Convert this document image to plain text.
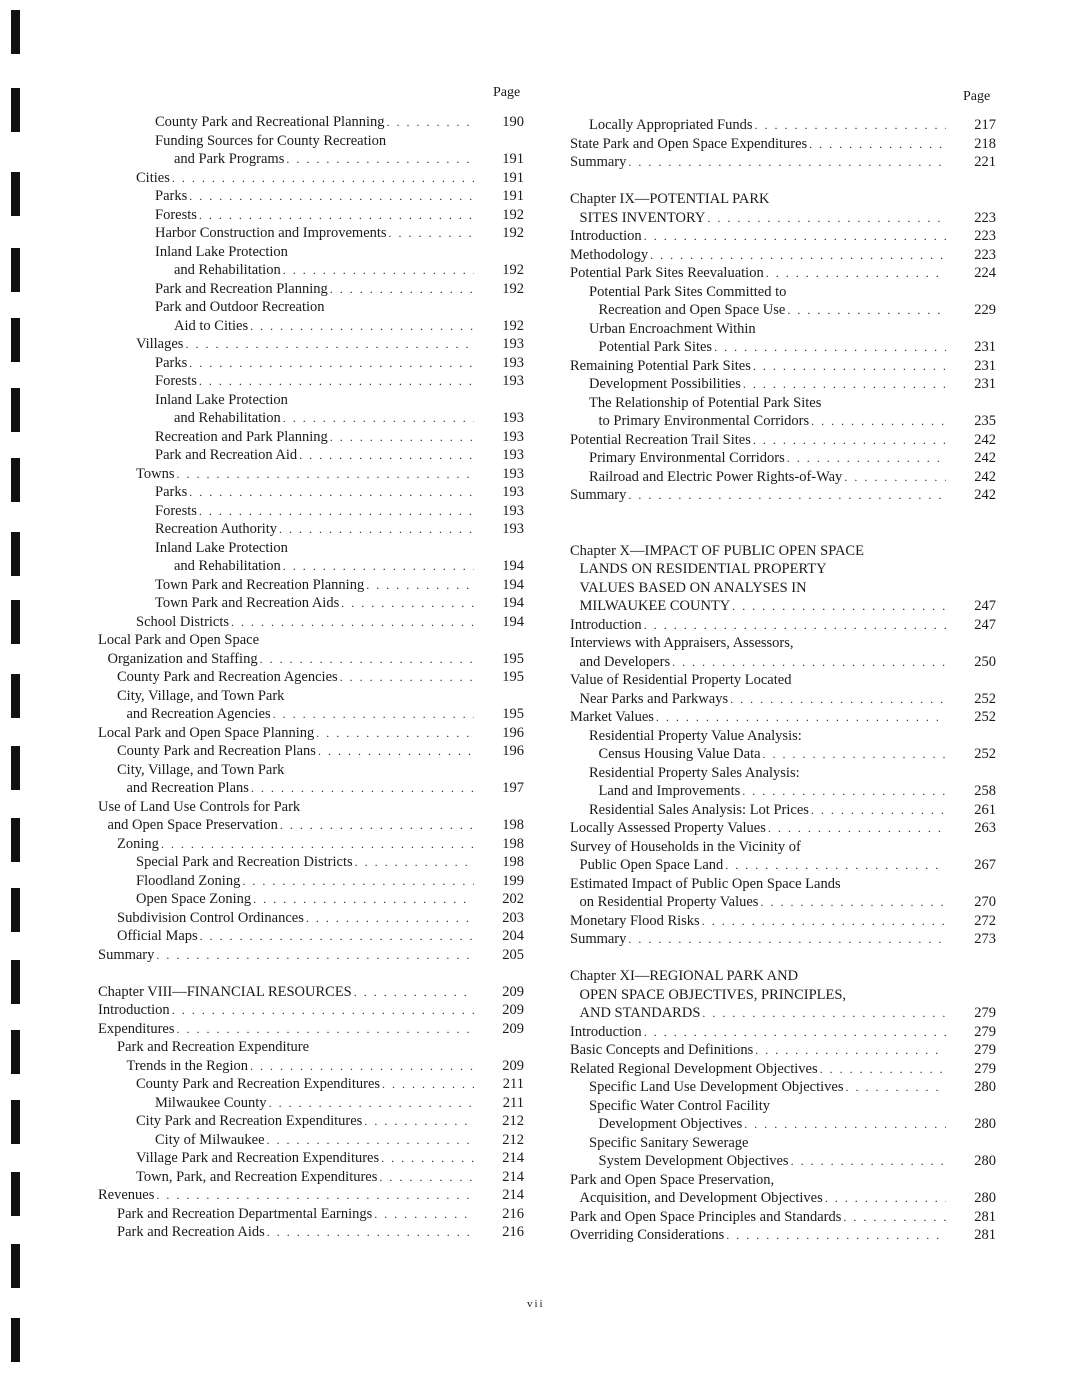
Page
County Park and Recreational Planning . . .	190
Funding Sources for County Recreation
and Park Programs . . .	191
Cities . . .	191
Parks . . .	191
Forests . . .	192
Harbor Construction and Improvements . . .	192
Inland Lake Protection
and Rehabilitation . . .	192
Park and Recreation Planning . . .	192
Park and Outdoor Recreation
Aid to Cities . . .	192
Villages . . .	193
Parks . . .	193
Forests . . .	193
Inland Lake Protection
and Rehabilitation . . .	193
Recreation and Park Planning . . .	193
Park and Recreation Aid . . .	193
Towns . . .	193
Parks . . .	193
Forests . . .	193
Recreation Authority . . .	193
Inland Lake Protection
and Rehabilitation . . .	194
Town Park and Recreation Planning . . .	194
Town Park and Recreation Aids . . .	194
School Districts . . .	194
Local Park and Open Space
Organization and Staffing . . .	195
County Park and Recreation Agencies . . .	195
City, Village, and Town Park
and Recreation Agencies . . .	195
Local Park and Open Space Planning . . .	196
County Park and Recreation Plans . . .	196
City, Village, and Town Park
and Recreation Plans . . .	197
Use of Land Use Controls for Park
and Open Space Preservation . . .	198
Zoning . . .	198
Special Park and Recreation Districts . . .	198
Floodland Zoning . . .	199
Open Space Zoning . . .	202
Subdivision Control Ordinances . . .	203
Official Maps . . .	204
Summary . . .	205
Chapter VIII—FINANCIAL RESOURCES . . .	209
Introduction . . .	209
Expenditures . . .	209
Park and Recreation Expenditure
Trends in the Region . . .	209
County Park and Recreation Expenditures . . .	211
Milwaukee County . . .	211
City Park and Recreation Expenditures . . .	212
City of Milwaukee . . .	212
Village Park and Recreation Expenditures . . .	214
Town, Park, and Recreation Expenditures . . .	214
Revenues . . .	214
Park and Recreation Departmental Earnings . . .	216
Park and Recreation Aids . . .	216
Page
Locally Appropriated Funds . . .	217
State Park and Open Space Expenditures . . .	218
Summary . . .	221
Chapter IX—POTENTIAL PARK
SITES INVENTORY . . .	223
Introduction . . .	223
Methodology . . .	223
Potential Park Sites Reevaluation . . .	224
Potential Park Sites Committed to
Recreation and Open Space Use . . .	229
Urban Encroachment Within
Potential Park Sites . . .	231
Remaining Potential Park Sites . . .	231
Development Possibilities . . .	231
The Relationship of Potential Park Sites
to Primary Environmental Corridors . . .	235
Potential Recreation Trail Sites . . .	242
Primary Environmental Corridors . . .	242
Railroad and Electric Power Rights-of-Way . . .	242
Summary . . .	242
Chapter X—IMPACT OF PUBLIC OPEN SPACE
LANDS ON RESIDENTIAL PROPERTY
VALUES BASED ON ANALYSES IN
MILWAUKEE COUNTY . . .	247
Introduction . . .	247
Interviews with Appraisers, Assessors,
and Developers . . .	250
Value of Residential Property Located
Near Parks and Parkways . . .	252
Market Values . . .	252
Residential Property Value Analysis:
Census Housing Value Data . . .	252
Residential Property Sales Analysis:
Land and Improvements . . .	258
Residential Sales Analysis: Lot Prices . . .	261
Locally Assessed Property Values . . .	263
Survey of Households in the Vicinity of
Public Open Space Land . . .	267
Estimated Impact of Public Open Space Lands
on Residential Property Values . . .	270
Monetary Flood Risks . . .	272
Summary . . .	273
Chapter XI—REGIONAL PARK AND
OPEN SPACE OBJECTIVES, PRINCIPLES,
AND STANDARDS . . .	279
Introduction . . .	279
Basic Concepts and Definitions . . .	279
Related Regional Development Objectives . . .	279
Specific Land Use Development Objectives . . .	280
Specific Water Control Facility
Development Objectives . . .	280
Specific Sanitary Sewerage
System Development Objectives . . .	280
Park and Open Space Preservation,
Acquisition, and Development Objectives . . .	280
Park and Open Space Principles and Standards . . .	281
Overriding Considerations . . .	281
vii
